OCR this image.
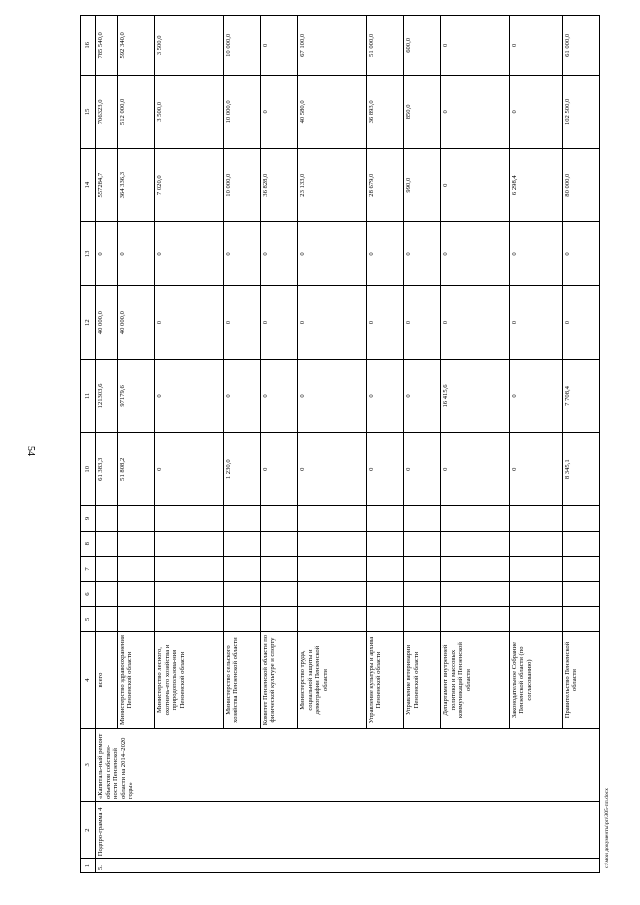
54
1	2	3	4	5	6	7	8	9	10	11	12	13	14	15	16
5.	Подпро-грамма 4	«Капиталь-ный ремонт объектов собствен-ности Пензенской области на 2014–2020 годы»	всего						61 383,3	121303,6	40 000,0	0	557284,7	706323,0	785 540,0
			Министерство здравоохранения Пензенской области						51 808,2	97179,6	40 000,0	0	364 336,3	512 000,0	592 340,0
			Министерство лесного, охотничь-его хозяйства и природопользова-ния Пензенской области						0	0	0	0	7 020,0	3 500,0	3 500,0
			Министерство сельского хозяйства Пензенской области						1 230,0	0	0	0	10 000,0	10 000,0	10 000,0
			Комитет Пензенской области по физической культуре и спорту						0	0	0	0	36 828,0	0	0
			Министерство труда, социальной защиты и демографии Пензенской области						0	0	0	0	23 133,0	40 580,0	67 100,0
			Управление культуры и архива Пензенской области						0	0	0	0	28 679,0	36 893,0	51 000,0
			Управление ветеринарии Пензенской области						0	0	0	0	990,0	850,0	600,0
			Департамент внутренней политики и массовых коммуникаций Пензенской области						0	16 415,6	0	0	0	0	0
			Законодательное Собрание Пензенской области (по согласованию)						0	0	0	0	6 298,4	0	0
			Правительство Пензенской области						8 345,1	7 708,4	0	0	80 000,0	102 500,0	61 000,0
c:\мои документы\рп\305-пп.docx
